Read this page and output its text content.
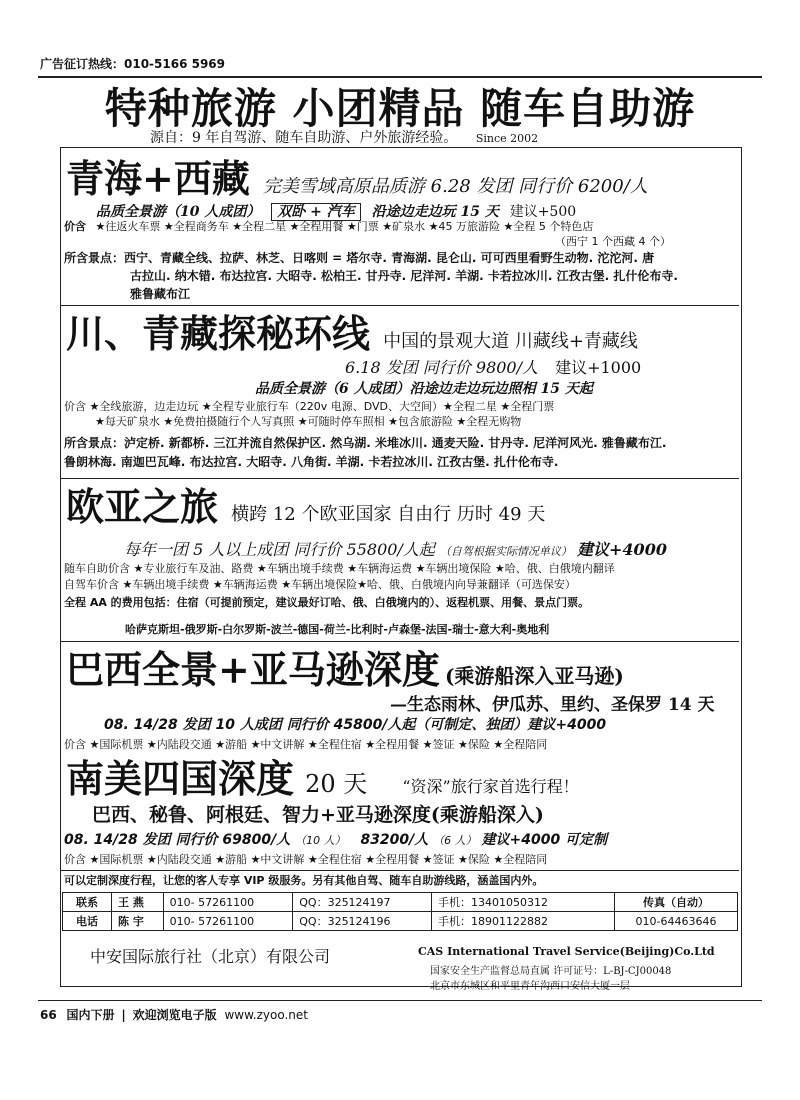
广告征订热线：010-5166 5969
特种旅游 小团精品 随车自助游
源自：9 年自驾游、随车自助游、户外旅游经验。 Since 2002
青海+西藏 完美雪域高原品质游 6.28 发团 同行价 6200/人
品质全景游（10 人成团） 双卧 + 汽车 沿途边走边玩 15 天 建议+500
价含 ★往返火车票 ★全程商务车 ★全程二星 ★全程用餐 ★门票 ★矿泉水 ★45 万旅游险 ★全程 5 个特色店
（西宁 1 个西藏 4 个）
所含景点：西宁、青藏全线、拉萨、林芝、日喀则 = 塔尔寺. 青海湖. 昆仑山. 可可西里看野生动物. 沱沱河. 唐
古拉山. 纳木错. 布达拉宫. 大昭寺. 松柏王. 甘丹寺. 尼洋河. 羊湖. 卡若拉冰川. 江孜古堡. 扎什伦布寺.
雅鲁藏布江
川、青藏探秘环线 中国的景观大道 川藏线+青藏线
6.18 发团 同行价 9800/人 建议+1000
品质全景游（6 人成团）沿途边走边玩边照相 15 天起
价含 ★全线旅游，边走边玩 ★全程专业旅行车（220v 电源、DVD、大空间）★全程二星 ★全程门票
★每天矿泉水 ★免费拍摄随行个人写真照 ★可随时停车照相 ★包含旅游险 ★全程无购物
所含景点：泸定桥. 新都桥. 三江并流自然保护区. 然乌湖. 米堆冰川. 通麦天险. 甘丹寺. 尼洋河风光. 雅鲁藏布江.
鲁朗林海. 南迦巴瓦峰. 布达拉宫. 大昭寺. 八角街. 羊湖. 卡若拉冰川. 江孜古堡. 扎什伦布寺.
欧亚之旅 横跨 12 个欧亚国家 自由行 历时 49 天
每年一团 5 人以上成团 同行价 55800/人起 （自驾根据实际情况单议） 建议+4000
随车自助价含 ★专业旅行车及油、路费 ★车辆出境手续费 ★车辆海运费 ★车辆出境保险 ★哈、俄、白俄境内翻译
自驾车价含 ★车辆出境手续费 ★车辆海运费 ★车辆出境保险★哈、俄、白俄境内向导兼翻译（可选保安）
全程 AA 的费用包括：住宿（可提前预定，建议最好订哈、俄、白俄境内的）、返程机票、用餐、景点门票。
哈萨克斯坦-俄罗斯-白尔罗斯-波兰-德国-荷兰-比利时-卢森堡-法国-瑞士-意大利-奥地利
巴西全景+亚马逊深度 (乘游船深入亚马逊)
—生态雨林、伊瓜苏、里约、圣保罗 14 天
08. 14/28 发团 10 人成团 同行价 45800/人起（可制定、独团）建议+4000
价含 ★国际机票 ★内陆段交通 ★游船 ★中文讲解 ★全程住宿 ★全程用餐 ★签证 ★保险 ★全程陪同
南美四国深度 20 天 “资深”旅行家首选行程！
巴西、秘鲁、阿根廷、智力+亚马逊深度(乘游船深入)
08. 14/28 发团 同行价 69800/人 （10 人） 83200/人 （6 人） 建议+4000 可定制
价含 ★国际机票 ★内陆段交通 ★游船 ★中文讲解 ★全程住宿 ★全程用餐 ★签证 ★保险 ★全程陪同
可以定制深度行程，让您的客人专享 VIP 级服务。另有其他自驾、随车自助游线路，涵盖国内外。
联系	王 燕	010- 57261100	QQ：325124197	手机：13401050312	传真（自动）
电话	陈 宇	010- 57261100	QQ：325124196	手机：18901122882	010-64463646
中安国际旅行社（北京）有限公司	CAS International Travel Service(Beijing)Co.Ltd
国家安全生产监督总局直属 许可证号：L-BJ-CJ00048
北京市东城区和平里青年沟西口安信大厦一层
66 国内下册 | 欢迎浏览电子版 www.zyoo.net
